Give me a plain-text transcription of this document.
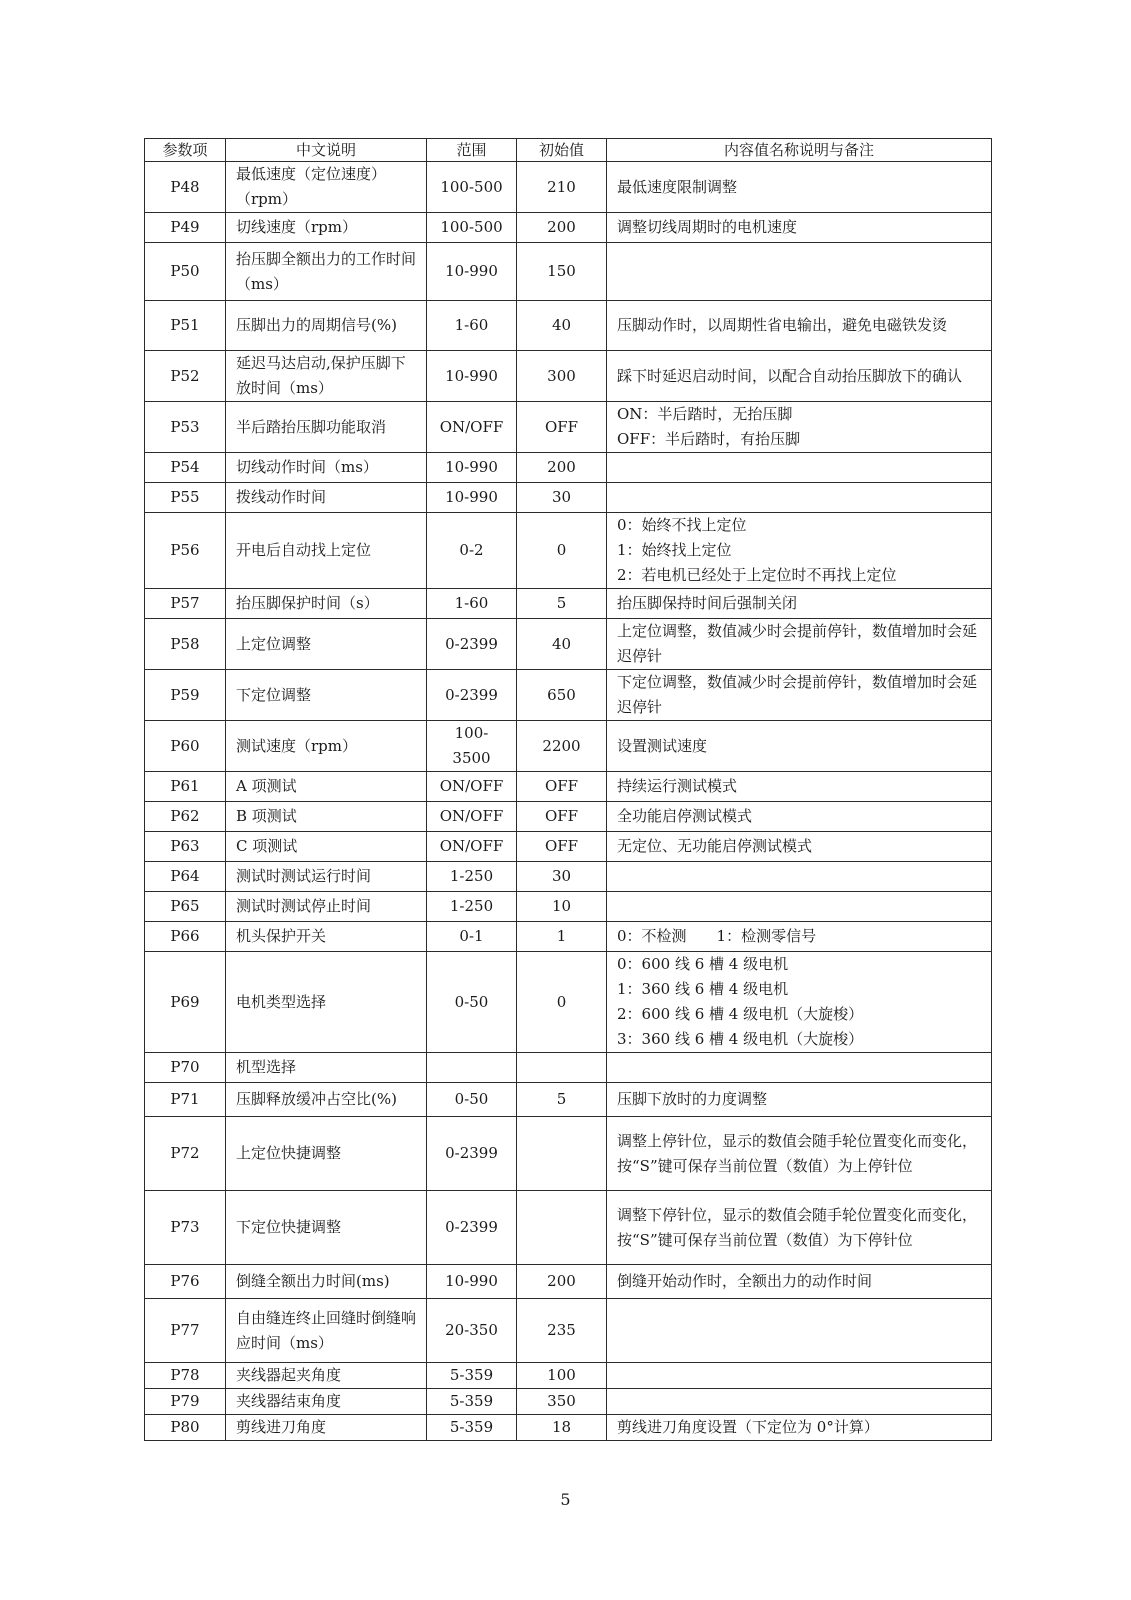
参数项	中文说明	范围	初始值	内容值名称说明与备注
P48	最低速度（定位速度）（rpm）	100-500	210	最低速度限制调整
P49	切线速度（rpm）	100-500	200	调整切线周期时的电机速度
P50	抬压脚全额出力的工作时间（ms）	10-990	150	
P51	压脚出力的周期信号(%)	1-60	40	压脚动作时，以周期性省电输出，避免电磁铁发烫
P52	延迟马达启动,保护压脚下放时间（ms）	10-990	300	踩下时延迟启动时间，以配合自动抬压脚放下的确认
P53	半后踏抬压脚功能取消	ON/OFF	OFF	ON：半后踏时，无抬压脚
OFF：半后踏时，有抬压脚
P54	切线动作时间（ms）	10-990	200	
P55	拨线动作时间	10-990	30	
P56	开电后自动找上定位	0-2	0	0：始终不找上定位
1：始终找上定位
2：若电机已经处于上定位时不再找上定位
P57	抬压脚保护时间（s）	1-60	5	抬压脚保持时间后强制关闭
P58	上定位调整	0-2399	40	上定位调整，数值减少时会提前停针，数值增加时会延迟停针
P59	下定位调整	0-2399	650	下定位调整，数值减少时会提前停针，数值增加时会延迟停针
P60	测试速度（rpm）	100-3500	2200	设置测试速度
P61	A 项测试	ON/OFF	OFF	持续运行测试模式
P62	B 项测试	ON/OFF	OFF	全功能启停测试模式
P63	C 项测试	ON/OFF	OFF	无定位、无功能启停测试模式
P64	测试时测试运行时间	1-250	30	
P65	测试时测试停止时间	1-250	10	
P66	机头保护开关	0-1	1	0：不检测　　1：检测零信号
P69	电机类型选择	0-50	0	0：600 线 6 槽 4 级电机
1：360 线 6 槽 4 级电机
2：600 线 6 槽 4 级电机（大旋梭）
3：360 线 6 槽 4 级电机（大旋梭）
P70	机型选择			
P71	压脚释放缓冲占空比(%)	0-50	5	压脚下放时的力度调整
P72	上定位快捷调整	0-2399		调整上停针位，显示的数值会随手轮位置变化而变化，按“S”键可保存当前位置（数值）为上停针位
P73	下定位快捷调整	0-2399		调整下停针位，显示的数值会随手轮位置变化而变化，按“S”键可保存当前位置（数值）为下停针位
P76	倒缝全额出力时间(ms)	10-990	200	倒缝开始动作时，全额出力的动作时间
P77	自由缝连终止回缝时倒缝响应时间（ms）	20-350	235	
P78	夹线器起夹角度	5-359	100	
P79	夹线器结束角度	5-359	350	
P80	剪线进刀角度	5-359	18	剪线进刀角度设置（下定位为 0°计算）
5
